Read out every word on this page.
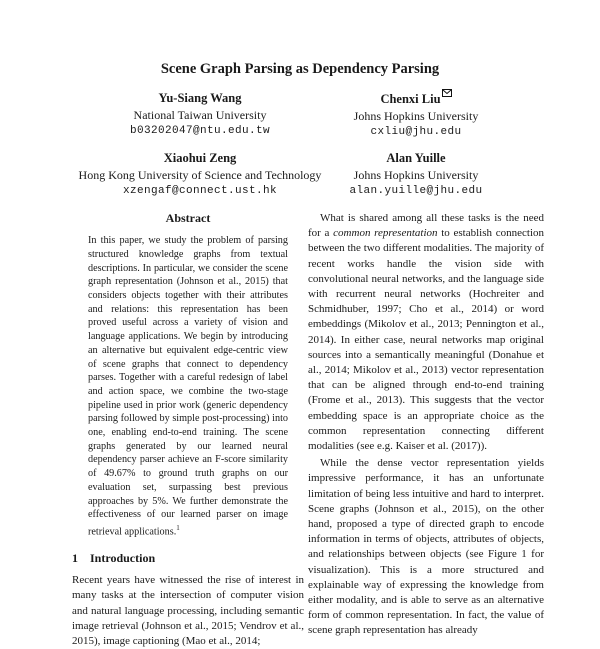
Scene Graph Parsing as Dependency Parsing
Yu-Siang Wang
National Taiwan University
b03202047@ntu.edu.tw
Chenxi Liu
Johns Hopkins University
cxliu@jhu.edu
Xiaohui Zeng
Hong Kong University of Science and Technology
xzengaf@connect.ust.hk
Alan Yuille
Johns Hopkins University
alan.yuille@jhu.edu
Abstract
In this paper, we study the problem of parsing structured knowledge graphs from textual descriptions. In particular, we consider the scene graph representation (Johnson et al., 2015) that considers objects together with their attributes and relations: this representation has been proved useful across a variety of vision and language applications. We begin by introducing an alternative but equivalent edge-centric view of scene graphs that connect to dependency parses. Together with a careful redesign of label and action space, we combine the two-stage pipeline used in prior work (generic dependency parsing followed by simple post-processing) into one, enabling end-to-end training. The scene graphs generated by our learned neural dependency parser achieve an F-score similarity of 49.67% to ground truth graphs on our evaluation set, surpassing best previous approaches by 5%. We further demonstrate the effectiveness of our learned parser on image retrieval applications.$^1$
1 Introduction

Recent years have witnessed the rise of interest in many tasks at the intersection of computer vision and natural language processing, including semantic image retrieval (Johnson et al., 2015; Vendrov et al., 2015), image captioning (Mao et al., 2014;

What is shared among all these tasks is the need for a common representation to establish connection between the two different modalities. The majority of recent works handle the vision side with convolutional neural networks, and the language side with recurrent neural networks (Hochreiter and Schmidhuber, 1997; Cho et al., 2014) or word embeddings (Mikolov et al., 2013; Pennington et al., 2014). In either case, neural networks map original sources into a semantically meaningful (Donahue et al., 2014; Mikolov et al., 2013) vector representation that can be aligned through end-to-end training (Frome et al., 2013). This suggests that the vector embedding space is an appropriate choice as the common representation connecting different modalities (see e.g. Kaiser et al. (2017)).

While the dense vector representation yields impressive performance, it has an unfortunate limitation of being less intuitive and hard to interpret. Scene graphs (Johnson et al., 2015), on the other hand, proposed a type of directed graph to encode information in terms of objects, attributes of objects, and relationships between objects (see Figure 1 for visualization). This is a more structured and explainable way of expressing the knowledge from either modality, and is able to serve as an alternative form of common representation. In fact, the value of scene graph representation has already
